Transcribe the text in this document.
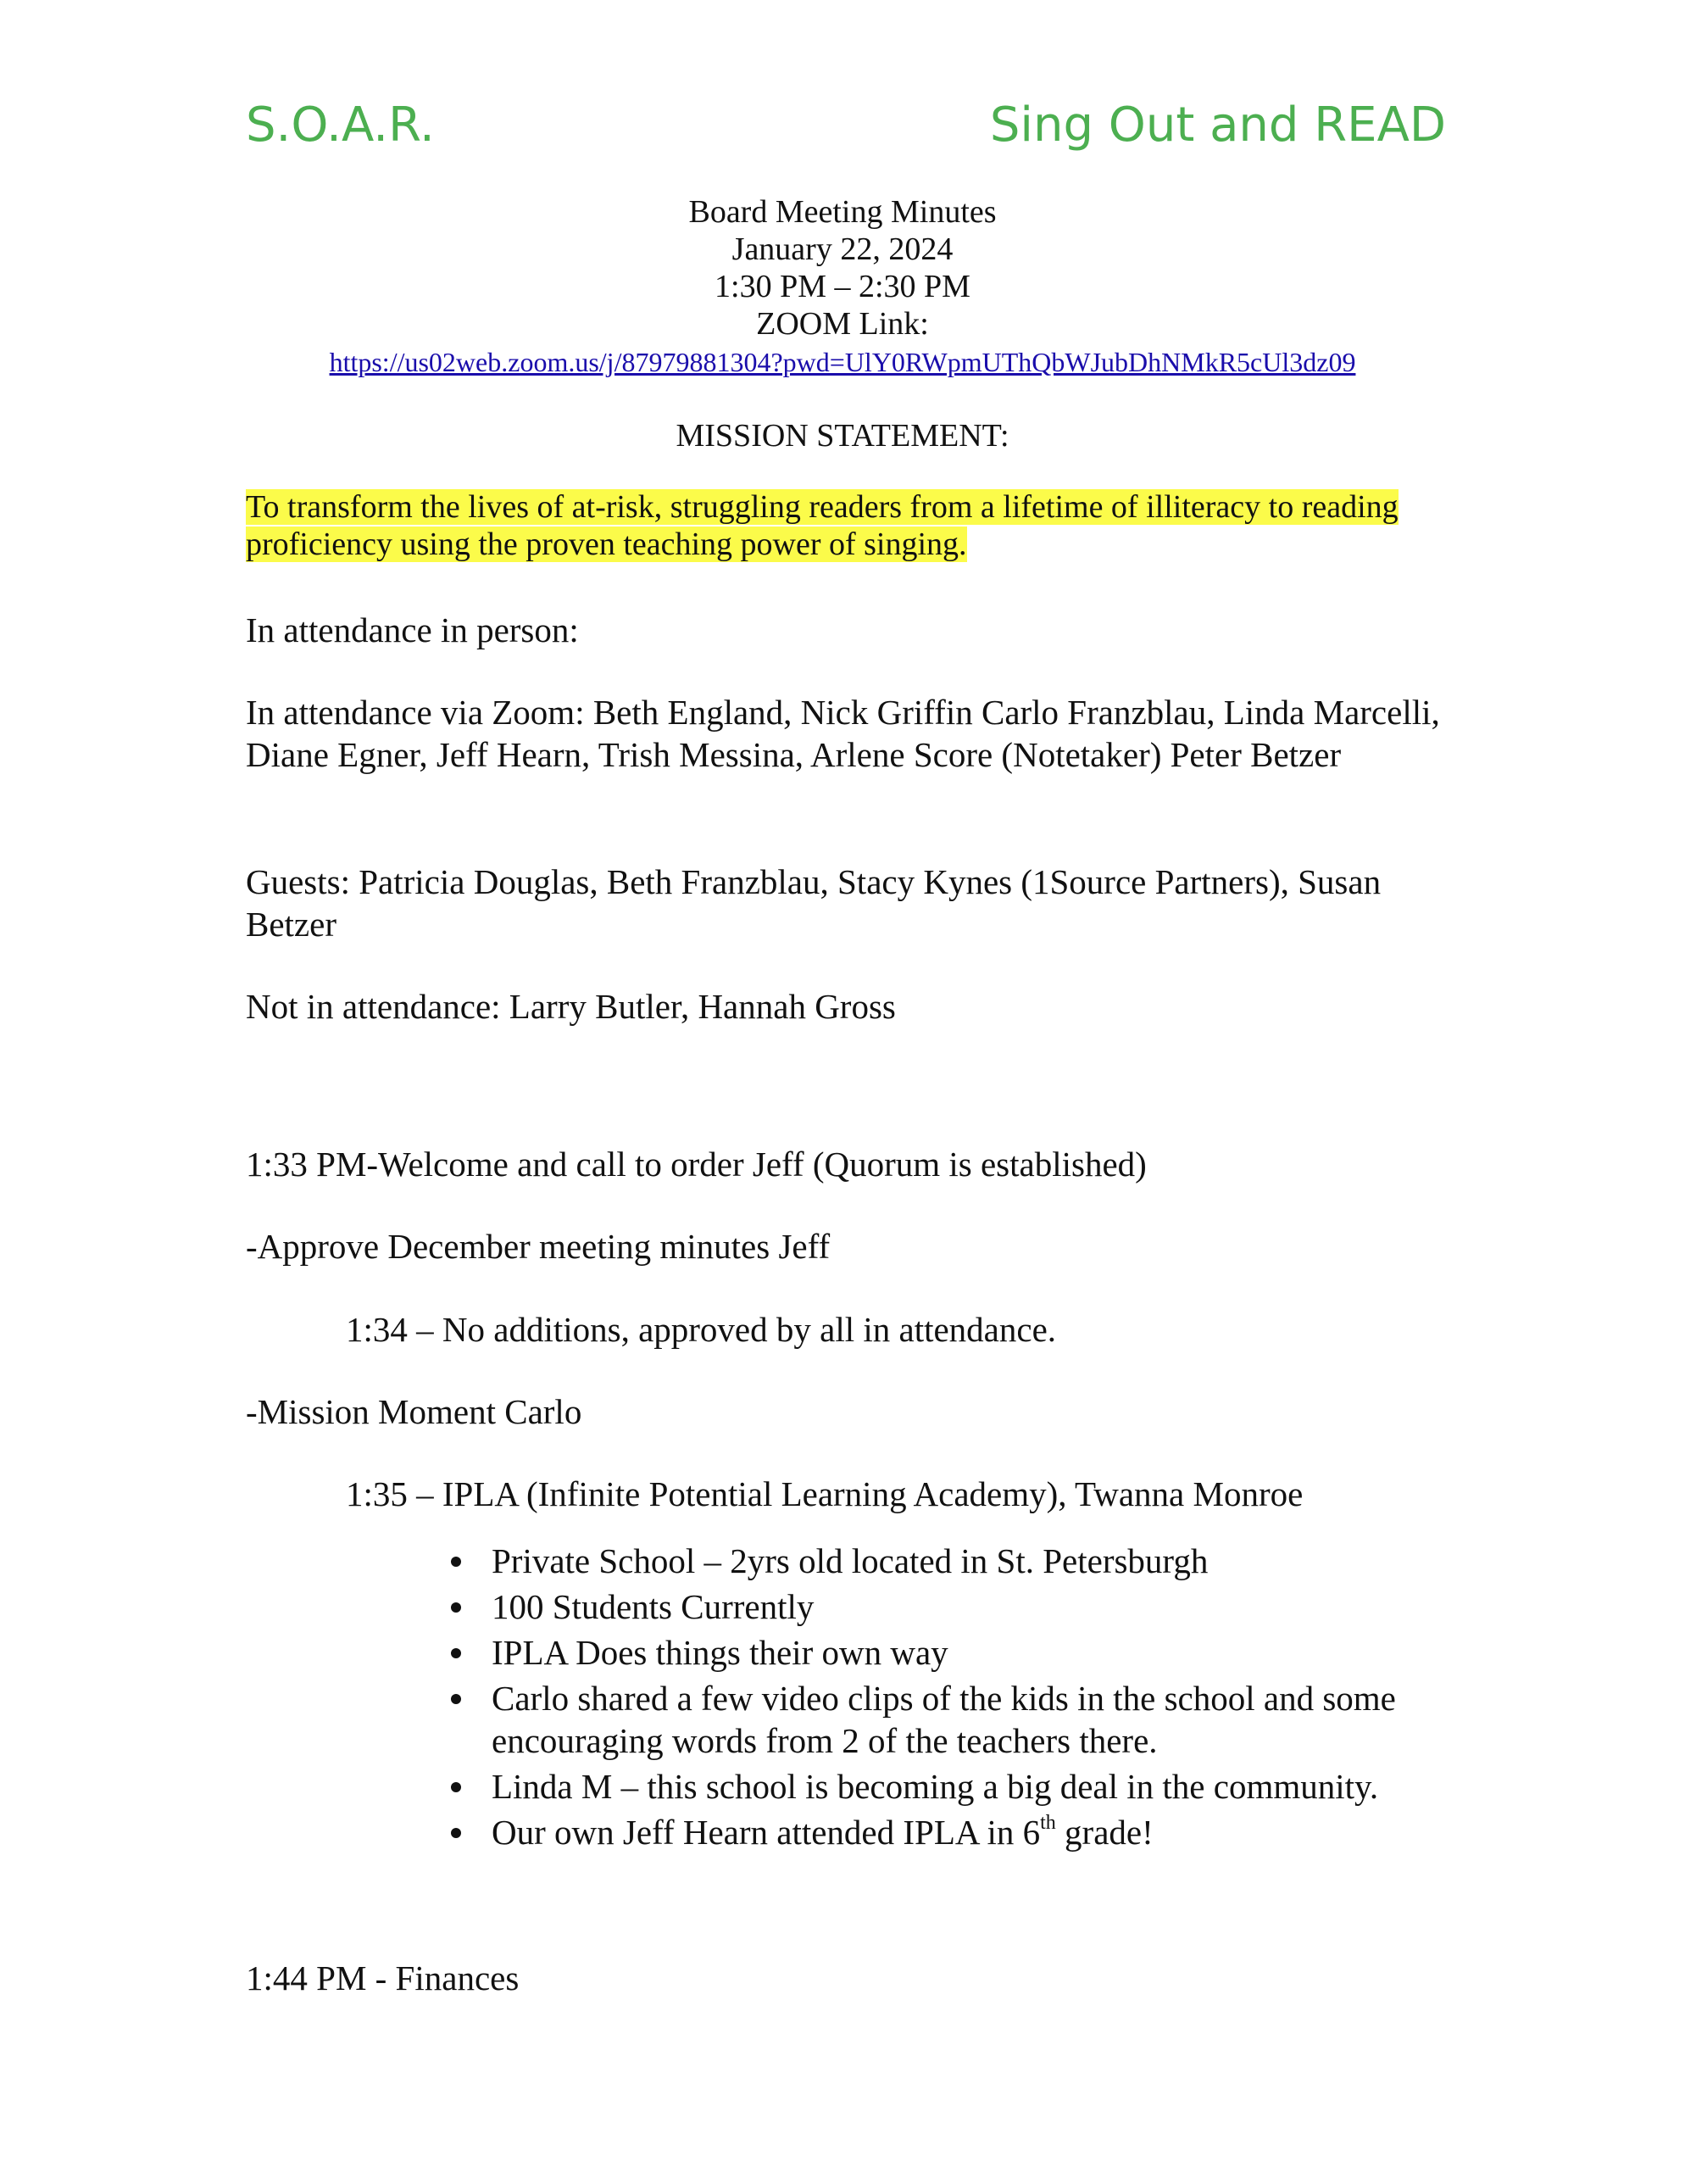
S.O.A.R.	Sing Out and READ
Board Meeting Minutes
January 22, 2024
1:30 PM – 2:30 PM
ZOOM Link:
https://us02web.zoom.us/j/87979881304?pwd=UlY0RWpmUThQbWJubDhNMkR5cUl3dz09
MISSION STATEMENT:
To transform the lives of at-risk, struggling readers from a lifetime of illiteracy to reading proficiency using the proven teaching power of singing.

In attendance in person:

In attendance via Zoom: Beth England, Nick Griffin Carlo Franzblau, Linda Marcelli, Diane Egner, Jeff Hearn, Trish Messina, Arlene Score (Notetaker) Peter Betzer

Guests: Patricia Douglas, Beth Franzblau, Stacy Kynes (1Source Partners), Susan Betzer

Not in attendance: Larry Butler, Hannah Gross

1:33 PM-Welcome and call to order Jeff (Quorum is established)

-Approve December meeting minutes Jeff

1:34 – No additions, approved by all in attendance.

-Mission Moment Carlo

1:35 – IPLA (Infinite Potential Learning Academy), Twanna Monroe

Private School – 2yrs old located in St. Petersburgh
100 Students Currently
IPLA Does things their own way
Carlo shared a few video clips of the kids in the school and some encouraging words from 2 of the teachers there.
Linda M – this school is becoming a big deal in the community.
Our own Jeff Hearn attended IPLA in 6th grade!

1:44 PM - Finances
